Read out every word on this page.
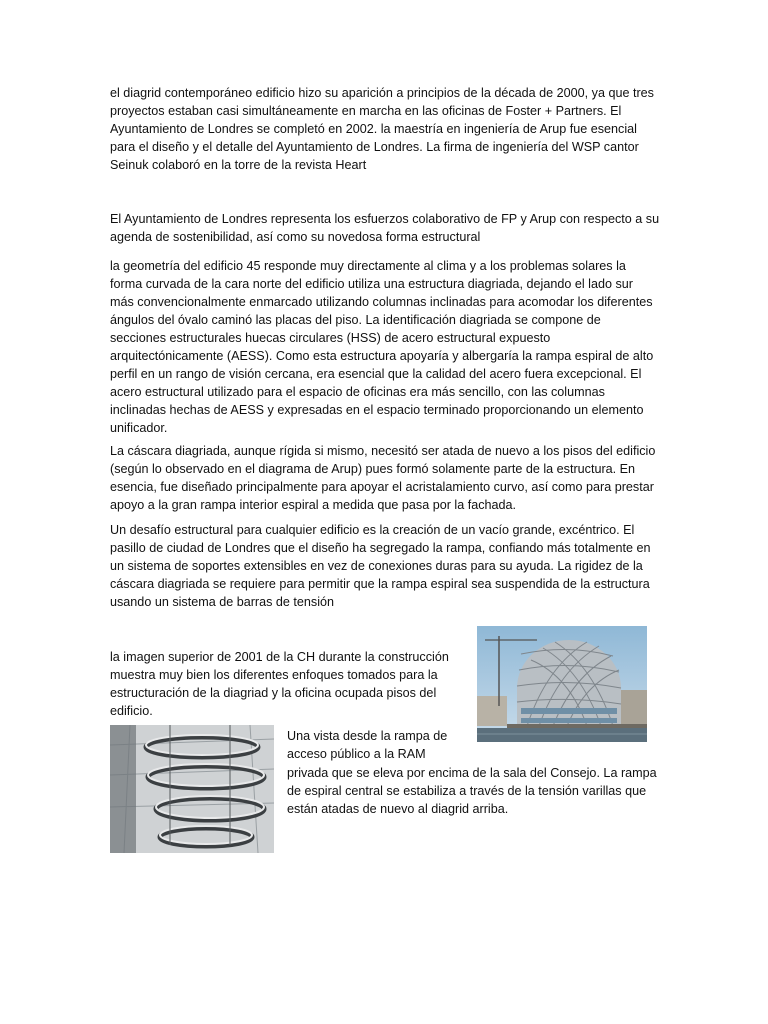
el diagrid contemporáneo edificio hizo su aparición a principios de la década de 2000, ya que tres proyectos estaban casi simultáneamente en marcha en las oficinas de Foster + Partners. El Ayuntamiento de Londres se completó en 2002. la maestría en ingeniería de Arup fue esencial para el diseño y el detalle del Ayuntamiento de Londres. La firma de ingeniería del WSP cantor Seinuk colaboró en la torre de la revista Heart

El Ayuntamiento de Londres representa los esfuerzos colaborativo de FP y Arup con respecto a su agenda de sostenibilidad, así como su novedosa forma estructural

la geometría del edificio 45 responde muy directamente al clima y a los problemas solares la forma curvada de la cara norte del edificio utiliza una estructura diagriada, dejando el lado sur más convencionalmente enmarcado utilizando columnas inclinadas para acomodar los diferentes ángulos del óvalo caminó las placas del piso. La identificación diagriada se compone de secciones estructurales huecas circulares (HSS) de acero estructural expuesto arquitectónicamente (AESS). Como esta estructura apoyaría y albergaría la rampa espiral de alto perfil en un rango de visión cercana, era esencial que la calidad del acero fuera excepcional. El acero estructural utilizado para el espacio de oficinas era más sencillo, con las columnas inclinadas hechas de AESS y expresadas en el espacio terminado proporcionando un elemento unificador.

La cáscara diagriada, aunque rígida si mismo, necesitó ser atada de nuevo a los pisos del edificio (según lo observado en el diagrama de Arup) pues formó solamente parte de la estructura. En esencia, fue diseñado principalmente para apoyar el acristalamiento curvo, así como para prestar apoyo a la gran rampa interior espiral a medida que pasa por la fachada.

Un desafío estructural para cualquier edificio es la creación de un vacío grande, excéntrico. El pasillo de ciudad de Londres que el diseño ha segregado la rampa, confiando más totalmente en un sistema de soportes extensibles en vez de conexiones duras para su ayuda. La rigidez de la cáscara diagriada se requiere para permitir que la rampa espiral sea suspendida de la estructura usando un sistema de barras de tensión

la imagen superior de 2001 de la CH durante la construcción muestra muy bien los diferentes enfoques tomados para la estructuración de la diagriad y la oficina ocupada pisos del edificio.

Una vista desde la rampa de acceso público a la RAM

privada que se eleva por encima de la sala del Consejo. La rampa de espiral central se estabiliza a través de la tensión varillas que están atadas de nuevo al diagrid arriba.
